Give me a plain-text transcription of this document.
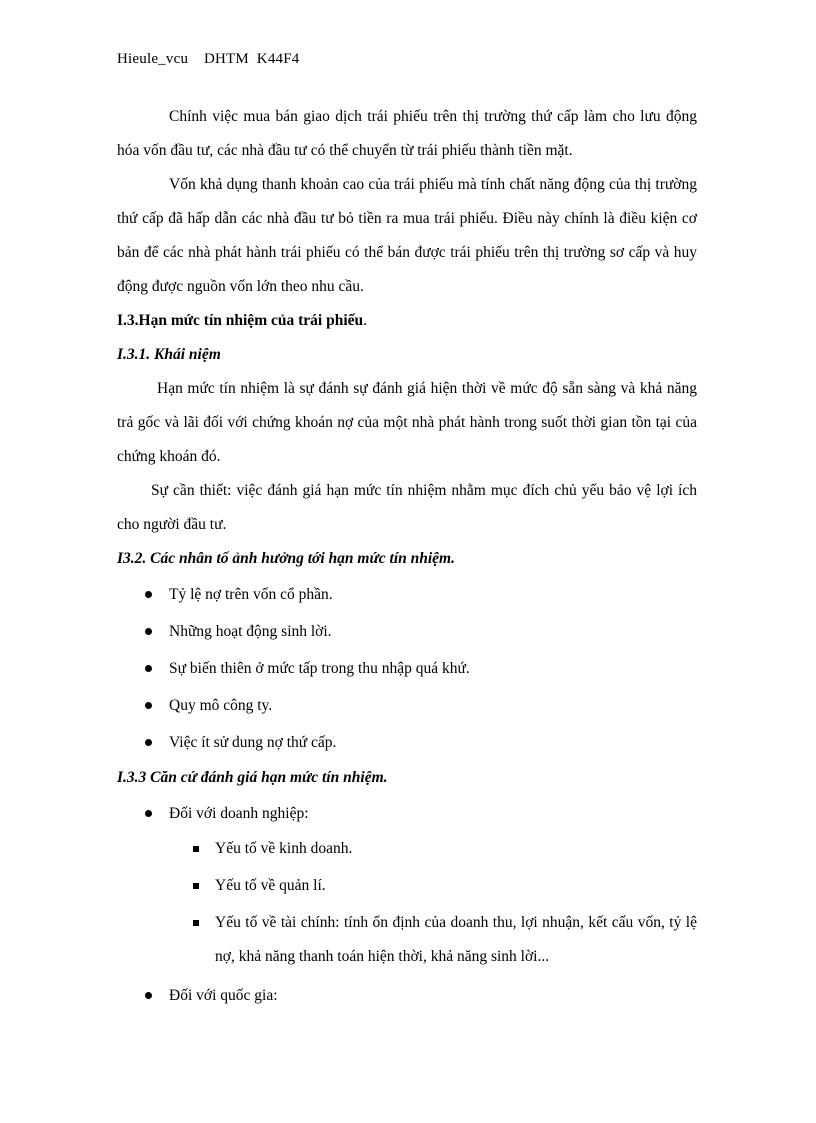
Hieule_vcu    DHTM  K44F4

Chính việc mua bán giao dịch trái phiếu trên thị trường thứ cấp làm cho lưu động hóa vốn đầu tư, các nhà đầu tư có thể chuyển từ trái phiếu thành tiền mặt.

Vốn khả dụng thanh khoản cao của trái phiếu mà tính chất năng động của thị trường thứ cấp đã hấp dẫn các nhà đầu tư bỏ tiền ra mua trái phiếu. Điều này chính là điều kiện cơ bản để các nhà phát hành trái phiếu có thể bán được trái phiếu trên thị trường sơ cấp và huy động được nguồn vốn lớn theo nhu cầu.

I.3.Hạn mức tín nhiệm của trái phiếu.

I.3.1. Khái niệm

Hạn mức tín nhiệm là sự đánh sự đánh giá hiện thời về mức độ sẵn sàng và khả năng trả gốc và lãi đối với chứng khoán nợ của một nhà phát hành trong suốt thời gian tồn tại của chứng khoán đó.

Sự cần thiết: việc đánh giá hạn mức tín nhiệm nhằm mục đích chủ yếu bảo vệ lợi ích cho người đầu tư.

I3.2. Các nhân tố ảnh hưởng tới hạn mức tín nhiệm.

Tỷ lệ nợ trên vốn cổ phần.
Những hoạt động sinh lời.
Sự biến thiên ở mức tấp trong thu nhập quá khứ.
Quy mô công ty.
Việc ít sử dung nợ thứ cấp.

I.3.3 Căn cứ đánh giá hạn mức tín nhiệm.

Đối với doanh nghiệp:
Yếu tố về kinh doanh.
Yếu tố về quản lí.
Yếu tố về tài chính: tính ổn định của doanh thu, lợi nhuận, kết cấu vốn, tỷ lệ nợ, khả năng thanh toán hiện thời, khả năng sinh lời...
Đối với quốc gia:
